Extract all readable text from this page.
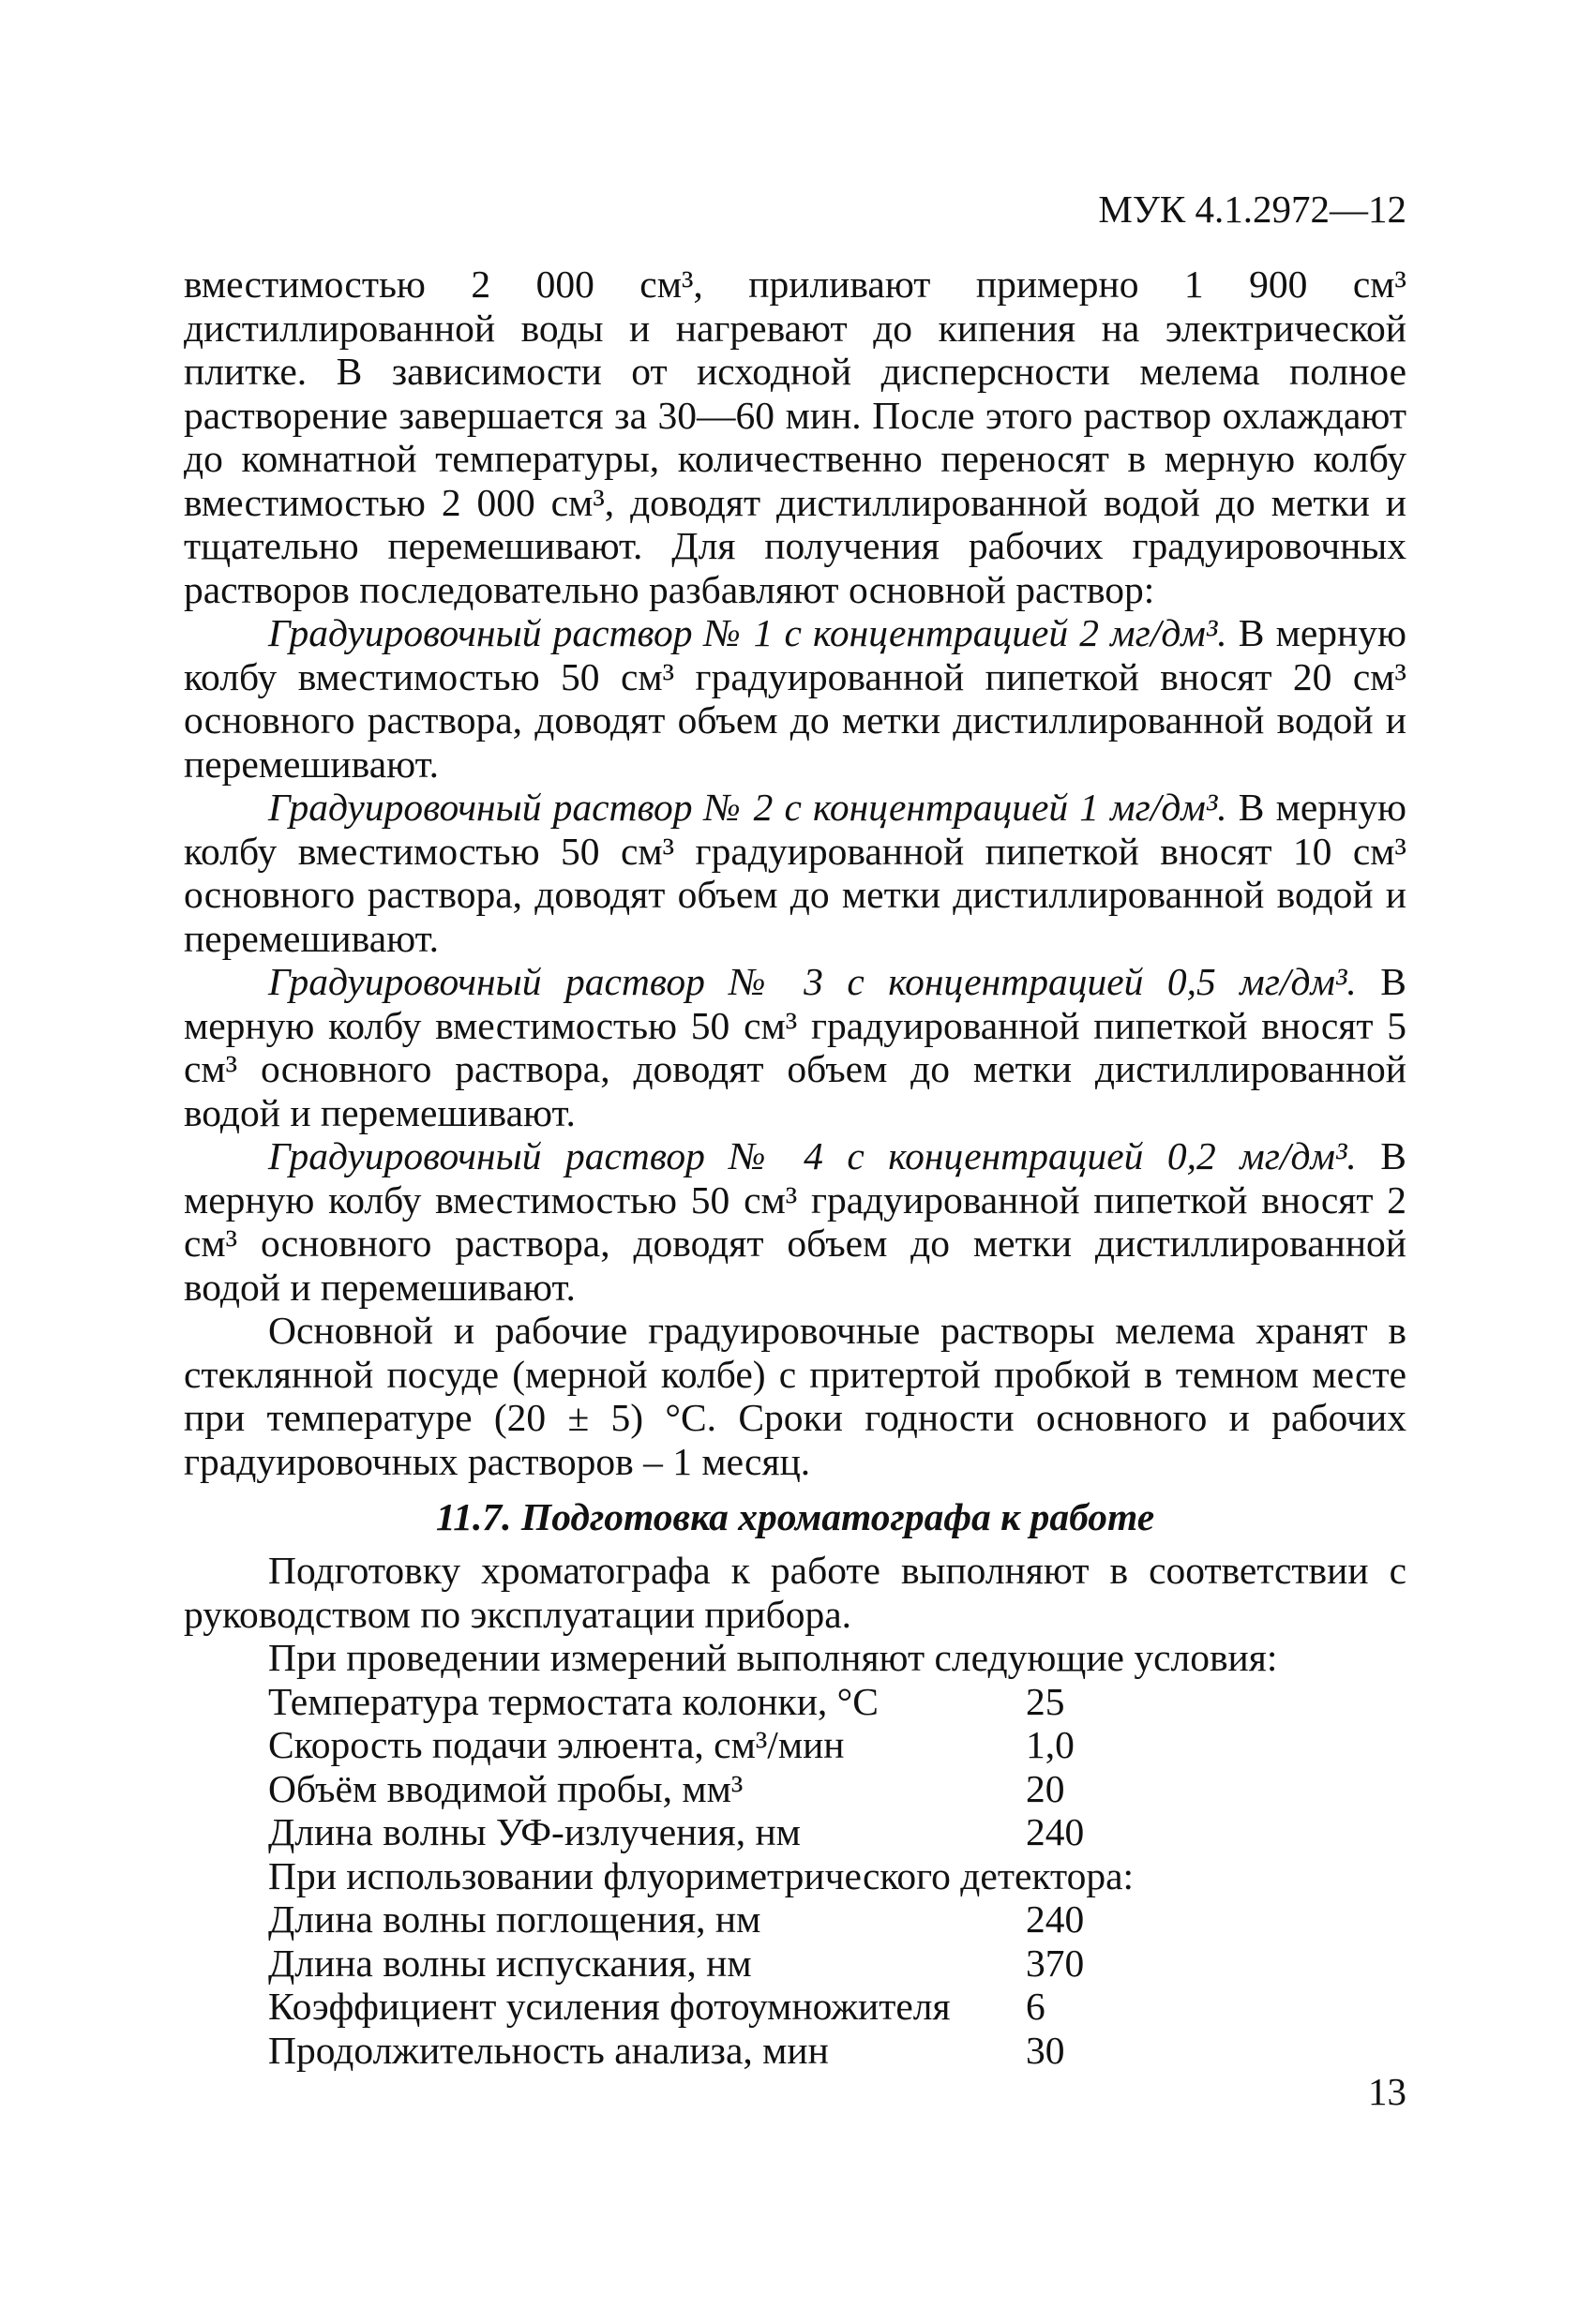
МУК 4.1.2972—12

вместимостью 2 000 см³, приливают примерно 1 900 см³ дистиллированной воды и нагревают до кипения на электрической плитке. В зависимости от исходной дисперсности мелема полное растворение завершается за 30—60 мин. После этого раствор охлаждают до комнатной температуры, количественно переносят в мерную колбу вместимостью 2 000 см³, доводят дистиллированной водой до метки и тщательно перемешивают. Для получения рабочих градуировочных растворов последовательно разбавляют основной раствор:

Градуировочный раствор № 1 с концентрацией 2 мг/дм³. В мерную колбу вместимостью 50 см³ градуированной пипеткой вносят 20 см³ основного раствора, доводят объем до метки дистиллированной водой и перемешивают.

Градуировочный раствор № 2 с концентрацией 1 мг/дм³. В мерную колбу вместимостью 50 см³ градуированной пипеткой вносят 10 см³ основного раствора, доводят объем до метки дистиллированной водой и перемешивают.

Градуировочный раствор № 3 с концентрацией 0,5 мг/дм³. В мерную колбу вместимостью 50 см³ градуированной пипеткой вносят 5 см³ основного раствора, доводят объем до метки дистиллированной водой и перемешивают.

Градуировочный раствор № 4 с концентрацией 0,2 мг/дм³. В мерную колбу вместимостью 50 см³ градуированной пипеткой вносят 2 см³ основного раствора, доводят объем до метки дистиллированной водой и перемешивают.

Основной и рабочие градуировочные растворы мелема хранят в стеклянной посуде (мерной колбе) с притертой пробкой в темном месте при температуре (20 ± 5) °С. Сроки годности основного и рабочих градуировочных растворов – 1 месяц.

11.7. Подготовка хроматографа к работе

Подготовку хроматографа к работе выполняют в соответствии с руководством по эксплуатации прибора.

При проведении измерений выполняют следующие условия:

Температура термостата колонки, °С	25
Скорость подачи элюента, см³/мин	1,0
Объём вводимой пробы, мм³	20
Длина волны УФ-излучения, нм	240

При использовании флуориметрического детектора:

Длина волны поглощения, нм	240
Длина волны испускания, нм	370
Коэффициент усиления фотоумножителя	6
Продолжительность анализа, мин	30
13
